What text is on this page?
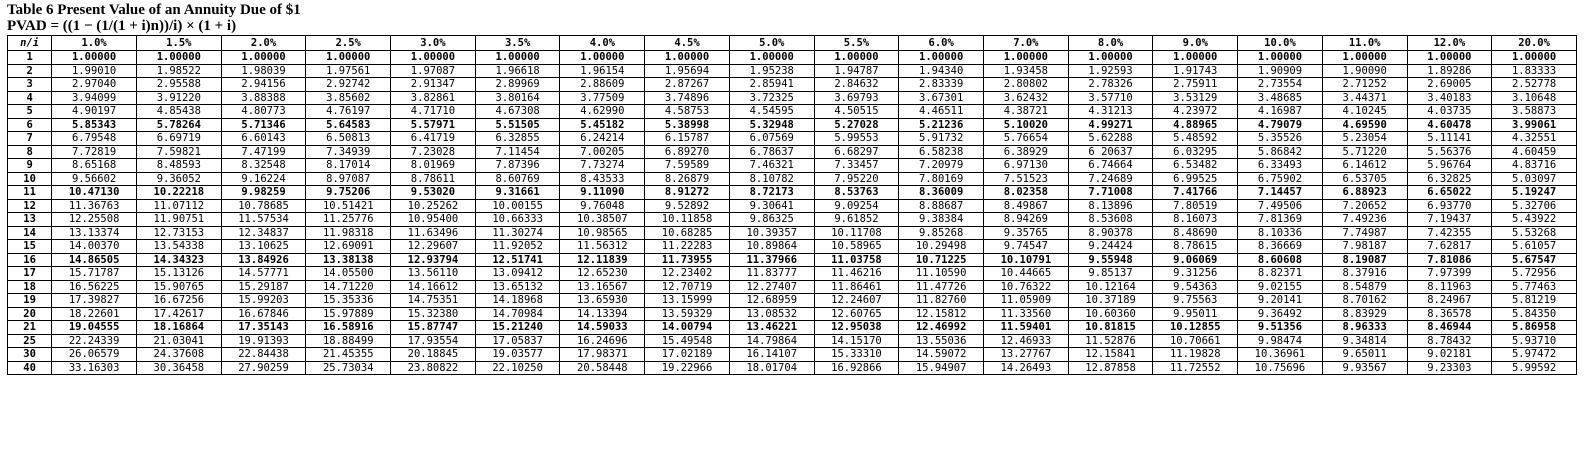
Table 6 Present Value of an Annuity Due of $1
PVAD = ((1 − (1/(1 + i)n))/i) × (1 + i)
n/i	1.0%	1.5%	2.0%	2.5%	3.0%	3.5%	4.0%	4.5%	5.0%	5.5%	6.0%	7.0%	8.0%	9.0%	10.0%	11.0%	12.0%	20.0%
1	1.00000	1.00000	1.00000	1.00000	1.00000	1.00000	1.00000	1.00000	1.00000	1.00000	1.00000	1.00000	1.00000	1.00000	1.00000	1.00000	1.00000	1.00000
2	1.99010	1.98522	1.98039	1.97561	1.97087	1.96618	1.96154	1.95694	1.95238	1.94787	1.94340	1.93458	1.92593	1.91743	1.90909	1.90090	1.89286	1.83333
3	2.97040	2.95588	2.94156	2.92742	2.91347	2.89969	2.88609	2.87267	2.85941	2.84632	2.83339	2.80802	2.78326	2.75911	2.73554	2.71252	2.69005	2.52778
4	3.94099	3.91220	3.88388	3.85602	3.82861	3.80164	3.77509	3.74896	3.72325	3.69793	3.67301	3.62432	3.57710	3.53129	3.48685	3.44371	3.40183	3.10648
5	4.90197	4.85438	4.80773	4.76197	4.71710	4.67308	4.62990	4.58753	4.54595	4.50515	4.46511	4.38721	4.31213	4.23972	4.16987	4.10245	4.03735	3.58873
6	5.85343	5.78264	5.71346	5.64583	5.57971	5.51505	5.45182	5.38998	5.32948	5.27028	5.21236	5.10020	4.99271	4.88965	4.79079	4.69590	4.60478	3.99061
7	6.79548	6.69719	6.60143	6.50813	6.41719	6.32855	6.24214	6.15787	6.07569	5.99553	5.91732	5.76654	5.62288	5.48592	5.35526	5.23054	5.11141	4.32551
8	7.72819	7.59821	7.47199	7.34939	7.23028	7.11454	7.00205	6.89270	6.78637	6.68297	6.58238	6.38929	6 20637	6.03295	5.86842	5.71220	5.56376	4.60459
9	8.65168	8.48593	8.32548	8.17014	8.01969	7.87396	7.73274	7.59589	7.46321	7.33457	7.20979	6.97130	6.74664	6.53482	6.33493	6.14612	5.96764	4.83716
10	9.56602	9.36052	9.16224	8.97087	8.78611	8.60769	8.43533	8.26879	8.10782	7.95220	7.80169	7.51523	7.24689	6.99525	6.75902	6.53705	6.32825	5.03097
11	10.47130	10.22218	9.98259	9.75206	9.53020	9.31661	9.11090	8.91272	8.72173	8.53763	8.36009	8.02358	7.71008	7.41766	7.14457	6.88923	6.65022	5.19247
12	11.36763	11.07112	10.78685	10.51421	10.25262	10.00155	9.76048	9.52892	9.30641	9.09254	8.88687	8.49867	8.13896	7.80519	7.49506	7.20652	6.93770	5.32706
13	12.25508	11.90751	11.57534	11.25776	10.95400	10.66333	10.38507	10.11858	9.86325	9.61852	9.38384	8.94269	8.53608	8.16073	7.81369	7.49236	7.19437	5.43922
14	13.13374	12.73153	12.34837	11.98318	11.63496	11.30274	10.98565	10.68285	10.39357	10.11708	9.85268	9.35765	8.90378	8.48690	8.10336	7.74987	7.42355	5.53268
15	14.00370	13.54338	13.10625	12.69091	12.29607	11.92052	11.56312	11.22283	10.89864	10.58965	10.29498	9.74547	9.24424	8.78615	8.36669	7.98187	7.62817	5.61057
16	14.86505	14.34323	13.84926	13.38138	12.93794	12.51741	12.11839	11.73955	11.37966	11.03758	10.71225	10.10791	9.55948	9.06069	8.60608	8.19087	7.81086	5.67547
17	15.71787	15.13126	14.57771	14.05500	13.56110	13.09412	12.65230	12.23402	11.83777	11.46216	11.10590	10.44665	9.85137	9.31256	8.82371	8.37916	7.97399	5.72956
18	16.56225	15.90765	15.29187	14.71220	14.16612	13.65132	13.16567	12.70719	12.27407	11.86461	11.47726	10.76322	10.12164	9.54363	9.02155	8.54879	8.11963	5.77463
19	17.39827	16.67256	15.99203	15.35336	14.75351	14.18968	13.65930	13.15999	12.68959	12.24607	11.82760	11.05909	10.37189	9.75563	9.20141	8.70162	8.24967	5.81219
20	18.22601	17.42617	16.67846	15.97889	15.32380	14.70984	14.13394	13.59329	13.08532	12.60765	12.15812	11.33560	10.60360	9.95011	9.36492	8.83929	8.36578	5.84350
21	19.04555	18.16864	17.35143	16.58916	15.87747	15.21240	14.59033	14.00794	13.46221	12.95038	12.46992	11.59401	10.81815	10.12855	9.51356	8.96333	8.46944	5.86958
25	22.24339	21.03041	19.91393	18.88499	17.93554	17.05837	16.24696	15.49548	14.79864	14.15170	13.55036	12.46933	11.52876	10.70661	9.98474	9.34814	8.78432	5.93710
30	26.06579	24.37608	22.84438	21.45355	20.18845	19.03577	17.98371	17.02189	16.14107	15.33310	14.59072	13.27767	12.15841	11.19828	10.36961	9.65011	9.02181	5.97472
40	33.16303	30.36458	27.90259	25.73034	23.80822	22.10250	20.58448	19.22966	18.01704	16.92866	15.94907	14.26493	12.87858	11.72552	10.75696	9.93567	9.23303	5.99592
